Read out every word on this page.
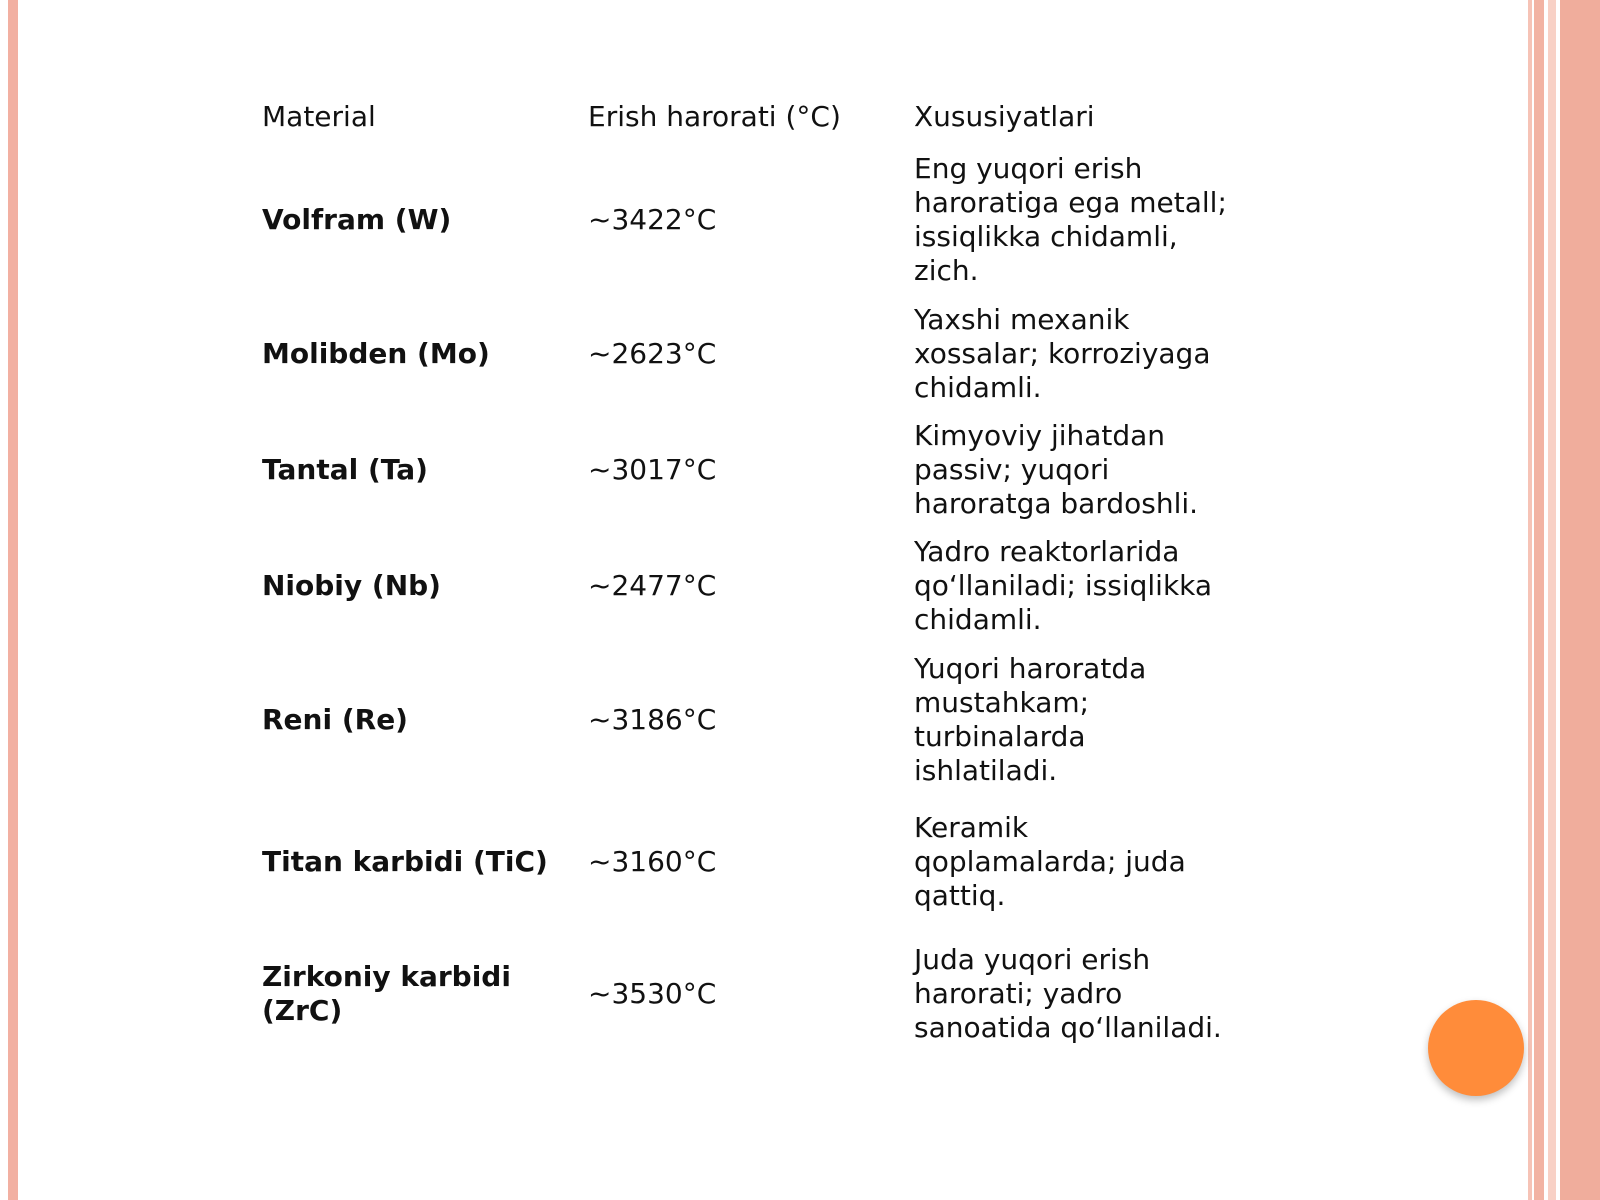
Material	Erish harorati (°C)	Xususiyatlari
Volfram (W)	~3422°C	Eng yuqori erish haroratiga ega metall; issiqlikka chidamli, zich.
Molibden (Mo)	~2623°C	Yaxshi mexanik xossalar; korroziyaga chidamli.
Tantal (Ta)	~3017°C	Kimyoviy jihatdan passiv; yuqori haroratga bardoshli.
Niobiy (Nb)	~2477°C	Yadro reaktorlarida qo‘llaniladi; issiqlikka chidamli.
Reni (Re)	~3186°C	Yuqori haroratda mustahkam; turbinalarda ishlatiladi.
Titan karbidi (TiC)	~3160°C	Keramik qoplamalarda; juda qattiq.
Zirkoniy karbidi (ZrC)	~3530°C	Juda yuqori erish harorati; yadro sanoatida qo‘llaniladi.
